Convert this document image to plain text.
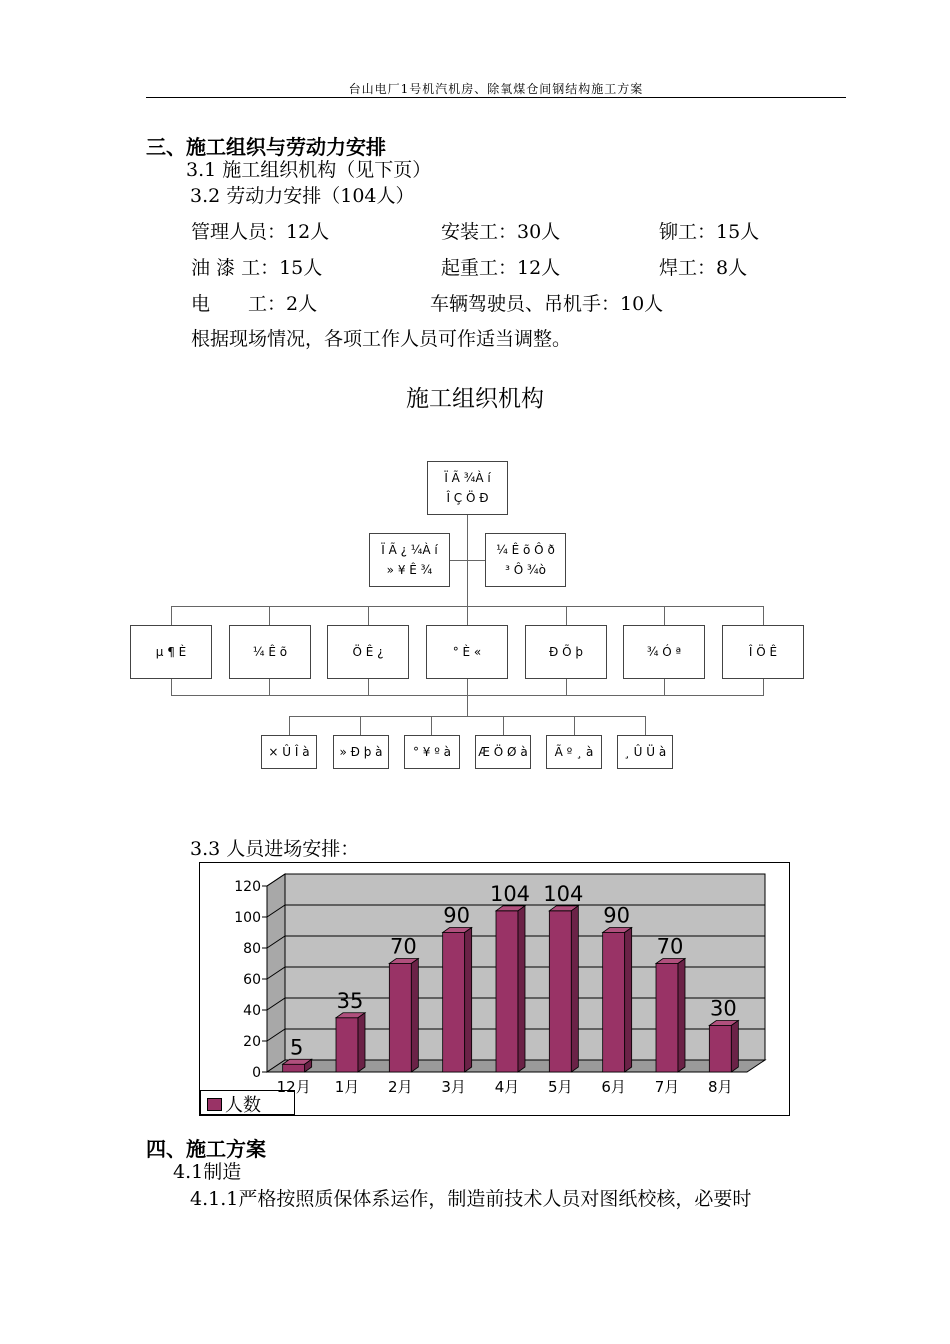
台山电厂1号机汽机房、除氧煤仓间钢结构施工方案
三、施工组织与劳动力安排
3.1 施工组织机构（见下页）
3.2 劳动力安排（104人）
管理人员：12人	安装工：30人	铆工：15人
油 漆 工：15人	起重工：12人	焊工：8人
电　　工：2人	车辆驾驶员、吊机手：10人
根据现场情况，各项工作人员可作适当调整。
施工组织机构
Ï Ã ¾À í
Î Ç Ö Ð
Ï Ã ¿ ¼À í
» ¥ Ê ¾
¼ Ê õ Ô ð
³ Ô ¾ò
µ ¶ È	¼ Ê õ	Ö Ê ¿	° È «	Ð Õ þ	¾ Ó ª	Î Ö Ê
× Û Î à	» Ð þ à	° ¥ º à	Æ Ö Ø à	Ã º ¸ à	¸ Û Ü à
3.3 人员进场安排：
0
20
40
60
80
100
120
5
12月
35
1月
70
2月
90
3月
104
4月
104
5月
90
6月
70
7月
30
8月
人数
四、施工方案
4.1制造
4.1.1严格按照质保体系运作，制造前技术人员对图纸校核，必要时
